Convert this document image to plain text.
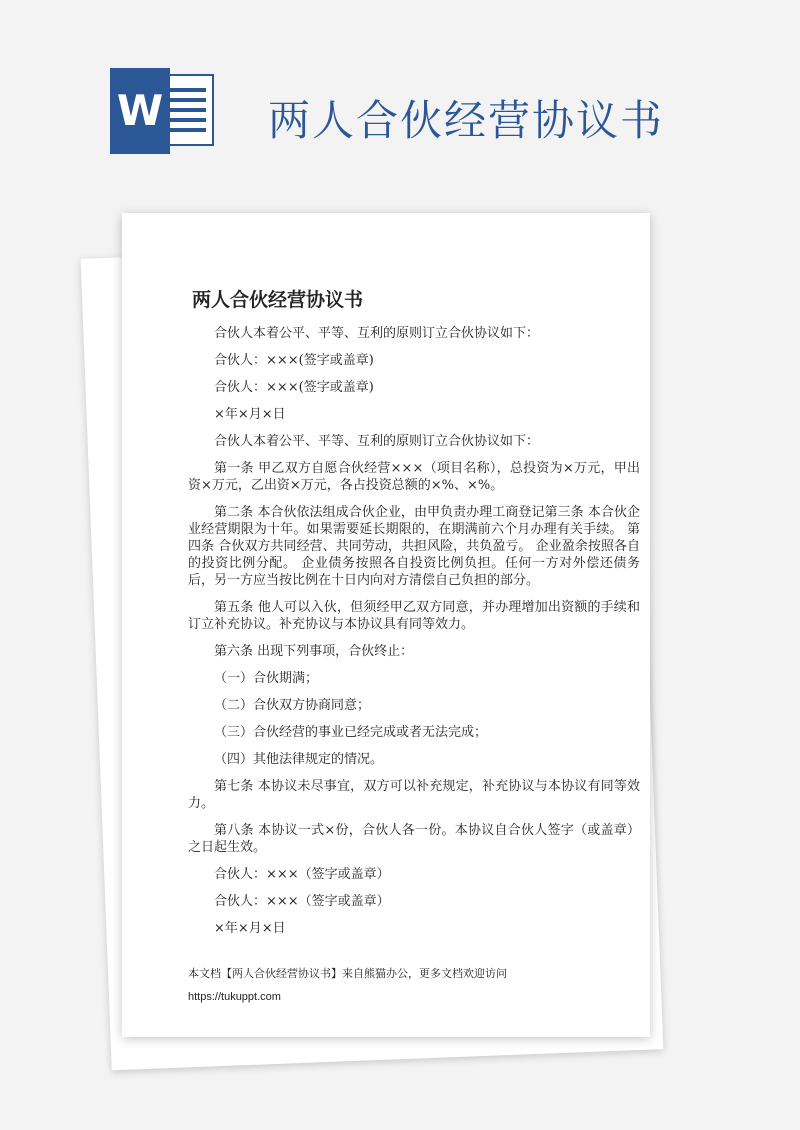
W 两人合伙经营协议书
两人合伙经营协议书

合伙人本着公平、平等、互利的原则订立合伙协议如下：

合伙人：×××(签字或盖章)

合伙人：×××(签字或盖章)

×年×月×日

合伙人本着公平、平等、互利的原则订立合伙协议如下：

第一条 甲乙双方自愿合伙经营×××（项目名称），总投资为×万元，甲出资×万元，乙出资×万元，各占投资总额的×%、×%。

第二条 本合伙依法组成合伙企业，由甲负责办理工商登记第三条 本合伙企业经营期限为十年。如果需要延长期限的，在期满前六个月办理有关手续。 第四条 合伙双方共同经营、共同劳动，共担风险，共负盈亏。 企业盈余按照各自的投资比例分配。 企业债务按照各自投资比例负担。任何一方对外偿还债务后，另一方应当按比例在十日内向对方清偿自己负担的部分。

第五条 他人可以入伙，但须经甲乙双方同意，并办理增加出资额的手续和订立补充协议。补充协议与本协议具有同等效力。

第六条 出现下列事项，合伙终止：

（一）合伙期满；

（二）合伙双方协商同意；

（三）合伙经营的事业已经完成或者无法完成；

（四）其他法律规定的情况。

第七条 本协议未尽事宜，双方可以补充规定，补充协议与本协议有同等效力。

第八条 本协议一式×份，合伙人各一份。本协议自合伙人签字（或盖章）之日起生效。

合伙人：×××（签字或盖章）

合伙人：×××（签字或盖章）

×年×月×日

本文档【两人合伙经营协议书】来自熊猫办公，更多文档欢迎访问
https://tukuppt.com
